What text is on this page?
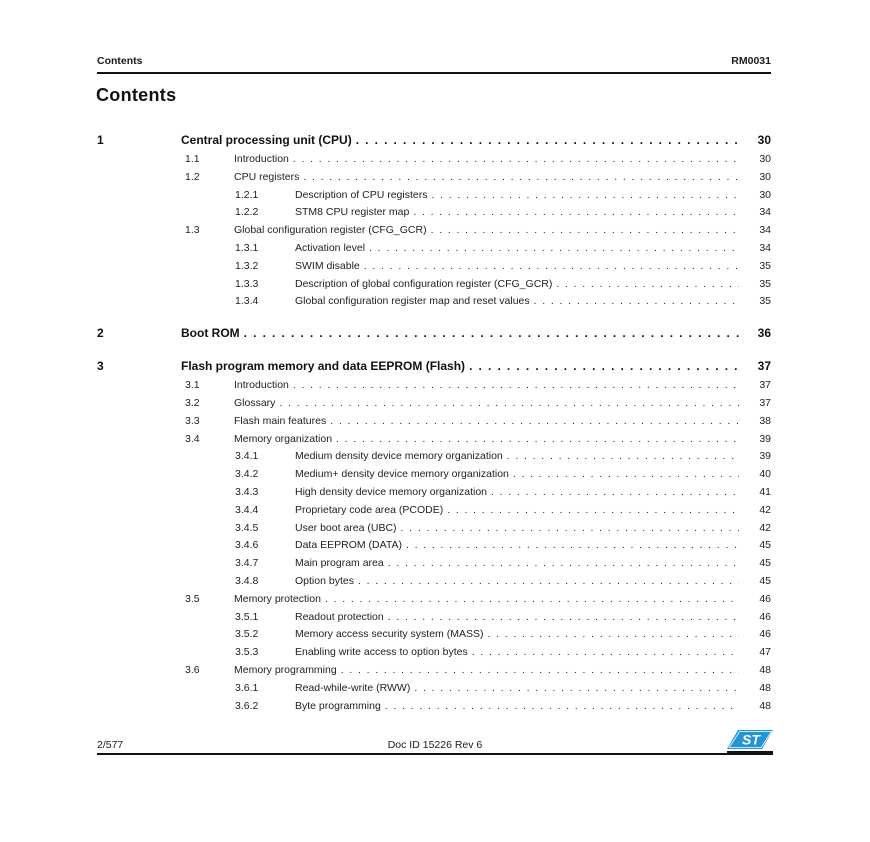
Contents	RM0031
Contents
1	Central processing unit (CPU) . . .	30
1.1	Introduction . . .	30
1.2	CPU registers . . .	30
1.2.1	Description of CPU registers . . .	30
1.2.2	STM8 CPU register map . . .	34
1.3	Global configuration register (CFG_GCR) . . .	34
1.3.1	Activation level . . .	34
1.3.2	SWIM disable . . .	35
1.3.3	Description of global configuration register (CFG_GCR) . . .	35
1.3.4	Global configuration register map and reset values . . .	35
2	Boot ROM . . .	36
3	Flash program memory and data EEPROM (Flash) . . .	37
3.1	Introduction . . .	37
3.2	Glossary . . .	37
3.3	Flash main features . . .	38
3.4	Memory organization . . .	39
3.4.1	Medium density device memory organization . . .	39
3.4.2	Medium+ density device memory organization . . .	40
3.4.3	High density device memory organization . . .	41
3.4.4	Proprietary code area (PCODE) . . .	42
3.4.5	User boot area (UBC) . . .	42
3.4.6	Data EEPROM (DATA) . . .	45
3.4.7	Main program area . . .	45
3.4.8	Option bytes . . .	45
3.5	Memory protection . . .	46
3.5.1	Readout protection . . .	46
3.5.2	Memory access security system (MASS) . . .	46
3.5.3	Enabling write access to option bytes . . .	47
3.6	Memory programming . . .	48
3.6.1	Read-while-write (RWW) . . .	48
3.6.2	Byte programming . . .	48
2/577	Doc ID 15226 Rev 6	ST
